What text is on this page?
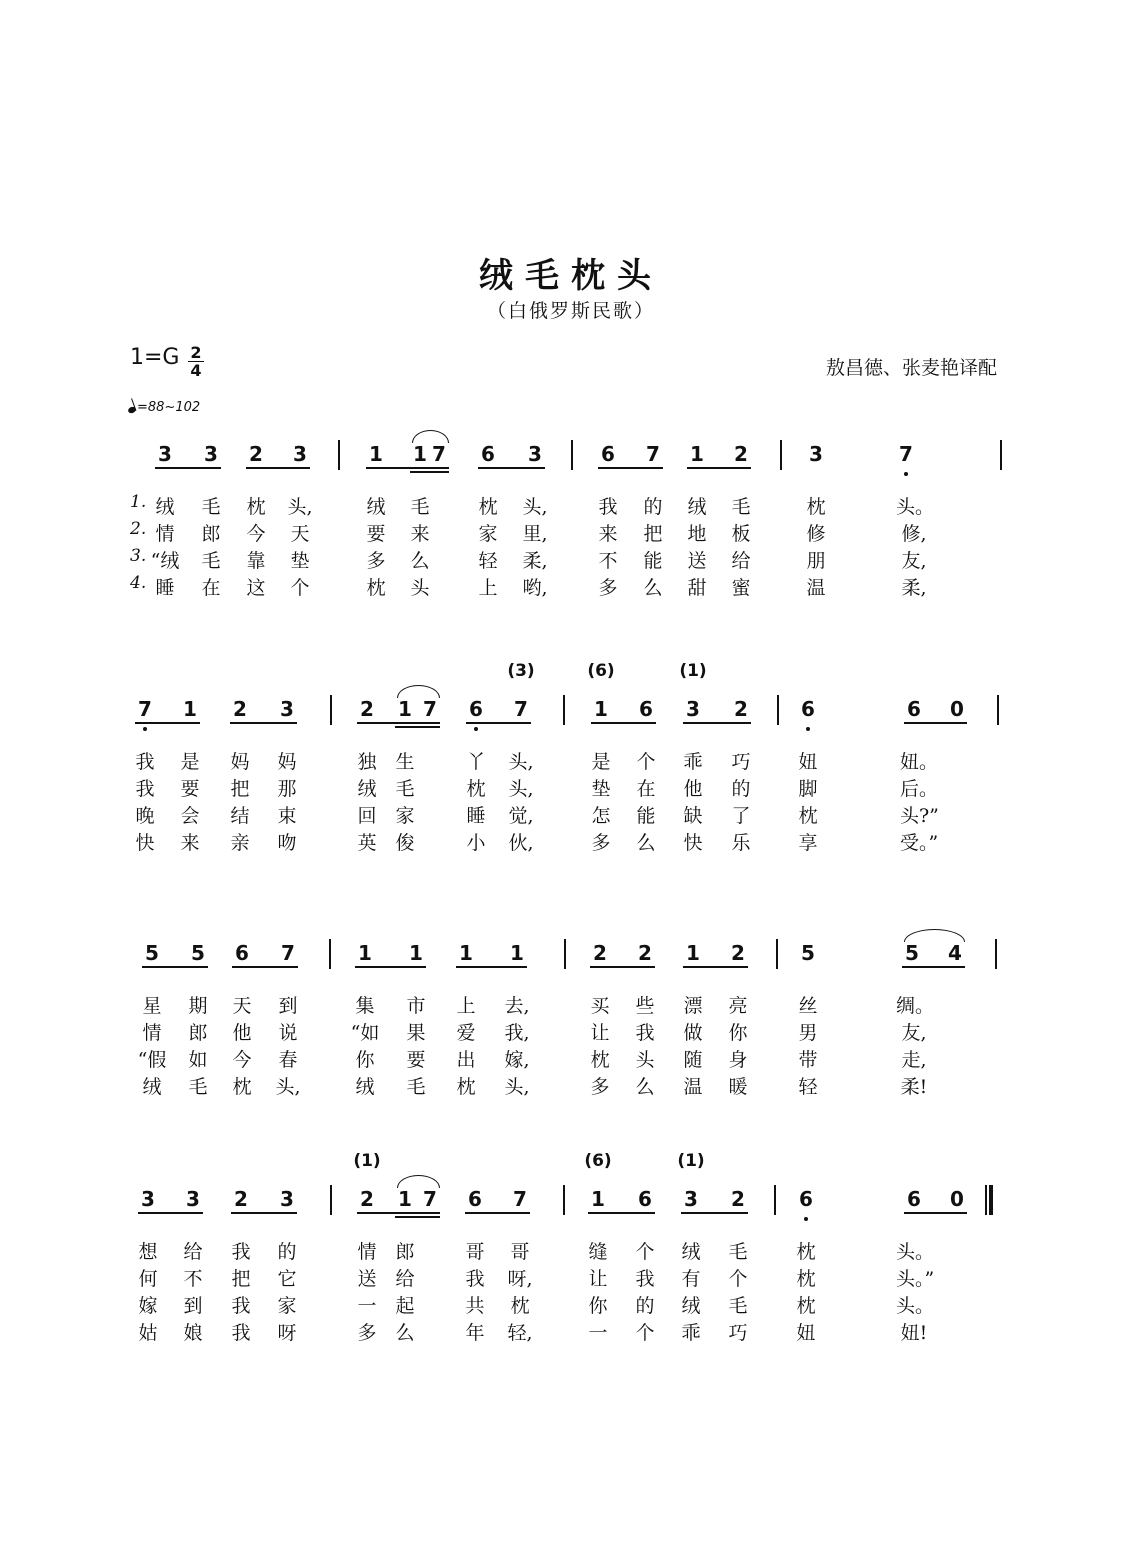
绒毛枕头
（白俄罗斯民歌）
$1=G \frac{2}{4}$
=88~102
敖昌德、张麦艳译配
3 3 2 3	1 1 7 6 3	6 7 1 2	3	7
1. 绒	毛	枕	头,	绒	毛	枕	头,	我	的	绒	毛	枕	头。
2. 情	郎	今	天	要	来	家	里,	来	把	地	板	修	修,
3. “绒	毛	靠	垫	多	么	轻	柔,	不	能	送	给	朋	友,
4. 睡	在	这	个	枕	头	上	哟,	多	么	甜	蜜	温	柔,
7 1 2 3	2 1 7 6 7	1 6 3 2	6	6 0
(3)	(6)	(1)
我	是	妈	妈	独 生	丫	头,	是	个	乖	巧	妞	妞。
我	要	把	那	绒 毛	枕	头,	垫	在	他	的	脚	后。
晚	会	结	束	回 家	睡	觉,	怎	能	缺	了	枕	头?”
快	来	亲	吻	英 俊	小	伙,	多	么	快	乐	享	受。”
5 5 6 7	1 1 1 1	2 2 1 2	5	5 4
星	期	天	到	集	市	上	去,	买	些	漂	亮	丝	绸。
情	郎	他	说	“如	果	爱	我,	让	我	做	你	男	友,
“假	如	今	春	你	要	出	嫁,	枕	头	随	身	带	走,
绒	毛	枕	头,	绒	毛	枕	头,	多	么	温	暖	轻	柔!
3 3 2 3	2 1 7 6 7	1 6 3 2	6	6 0
(1)	(6)	(1)
想	给	我	的	情 郎	哥	哥	缝	个	绒	毛	枕	头。
何	不	把	它	送 给	我	呀,	让	我	有	个	枕	头。”
嫁	到	我	家	一 起	共	枕	你	的	绒	毛	枕	头。
姑	娘	我	呀	多 么	年	轻,	一	个	乖	巧	妞	妞!
